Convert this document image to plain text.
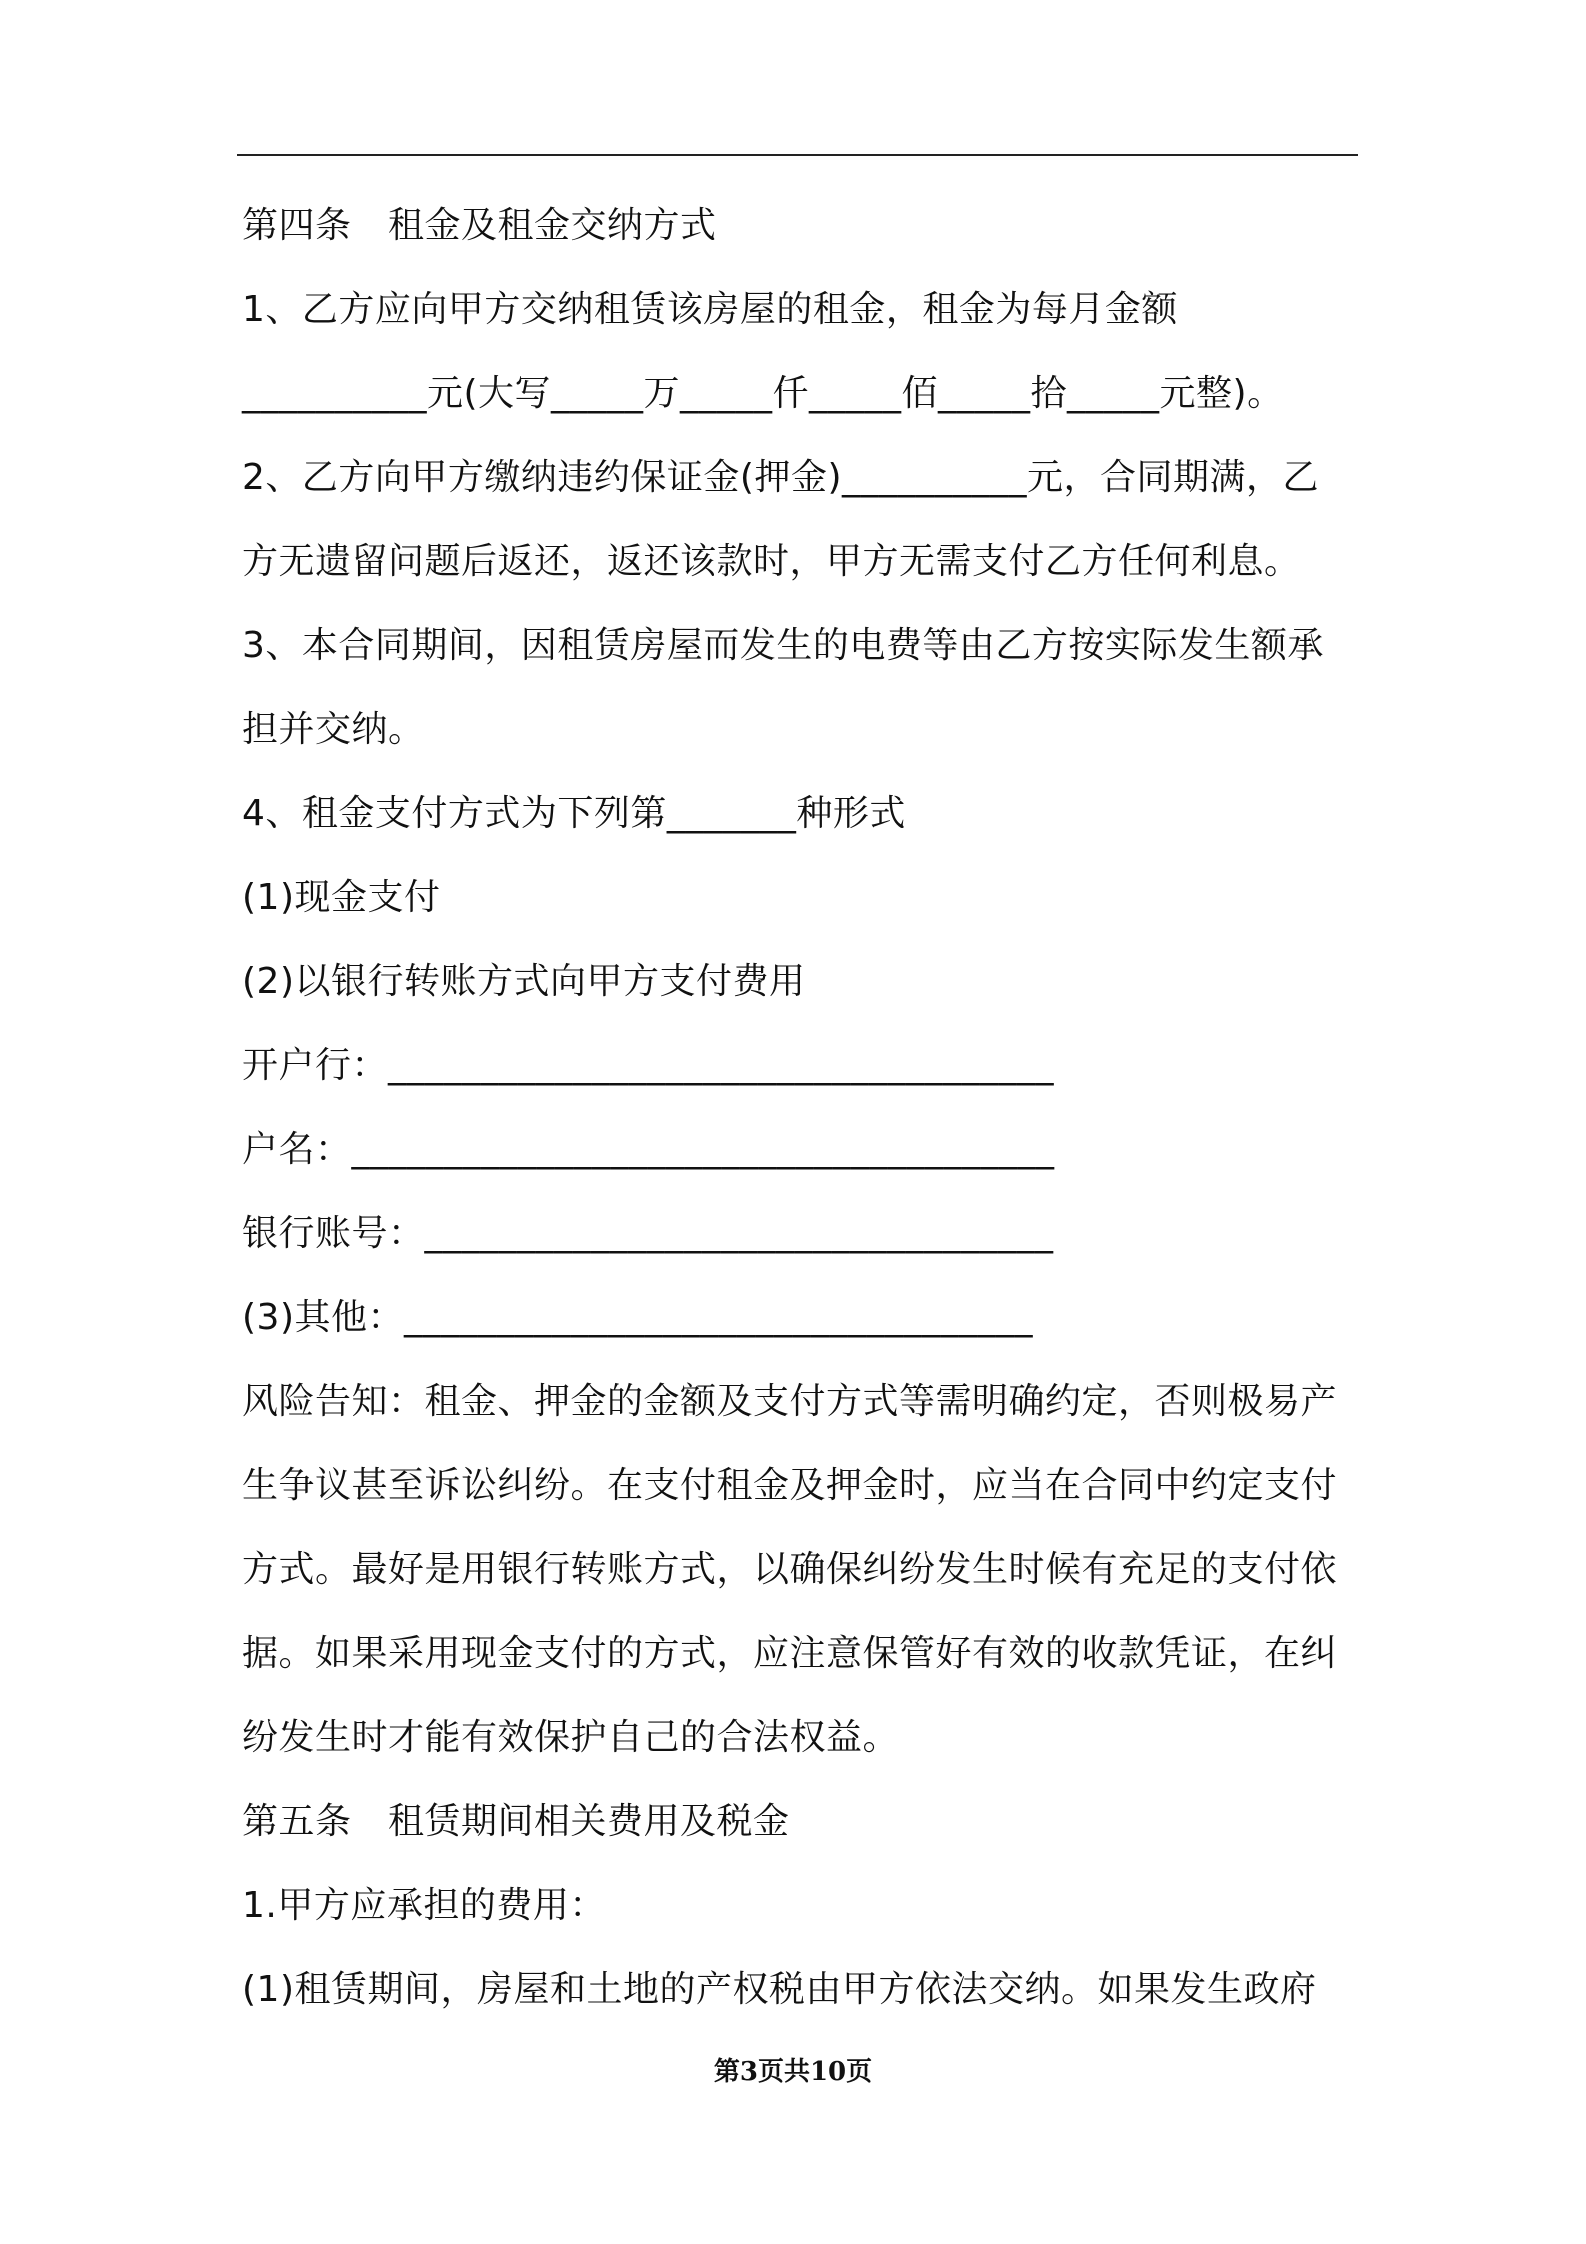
第四条　租金及租金交纳方式
1、乙方应向甲方交纳租赁该房屋的租金，租金为每月金额
__________元(大写_____万_____仟_____佰_____拾_____元整)。
2、乙方向甲方缴纳违约保证金(押金)__________元，合同期满，乙
方无遗留问题后返还，返还该款时，甲方无需支付乙方任何利息。
3、本合同期间，因租赁房屋而发生的电费等由乙方按实际发生额承
担并交纳。
4、租金支付方式为下列第_______种形式
(1)现金支付
(2)以银行转账方式向甲方支付费用
开户行：____________________________________
户名：______________________________________
银行账号：__________________________________
(3)其他：__________________________________
风险告知：租金、押金的金额及支付方式等需明确约定，否则极易产
生争议甚至诉讼纠纷。在支付租金及押金时，应当在合同中约定支付
方式。最好是用银行转账方式，以确保纠纷发生时候有充足的支付依
据。如果采用现金支付的方式，应注意保管好有效的收款凭证，在纠
纷发生时才能有效保护自己的合法权益。
第五条　租赁期间相关费用及税金
1.甲方应承担的费用：
(1)租赁期间，房屋和土地的产权税由甲方依法交纳。如果发生政府
第3页共10页
